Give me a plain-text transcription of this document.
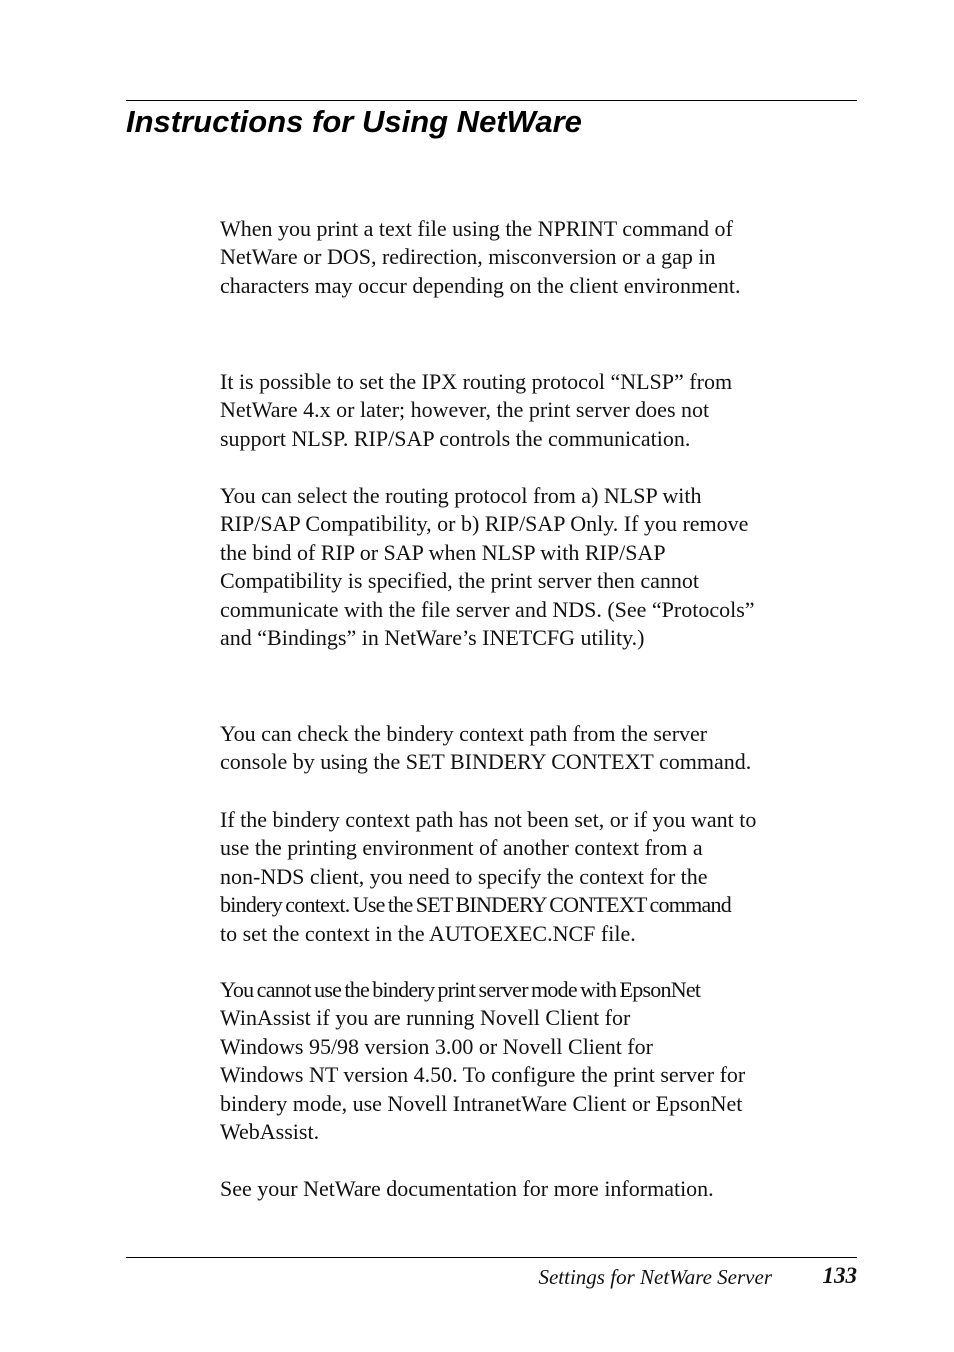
Instructions for Using NetWare
When you print a text file using the NPRINT command of
NetWare or DOS, redirection, misconversion or a gap in
characters may occur depending on the client environment.
It is possible to set the IPX routing protocol “NLSP” from
NetWare 4.x or later; however, the print server does not
support NLSP. RIP/SAP controls the communication.
You can select the routing protocol from a) NLSP with
RIP/SAP Compatibility, or b) RIP/SAP Only. If you remove
the bind of RIP or SAP when NLSP with RIP/SAP
Compatibility is specified, the print server then cannot
communicate with the file server and NDS. (See “Protocols”
and “Bindings” in NetWare’s INETCFG utility.)
You can check the bindery context path from the server
console by using the SET BINDERY CONTEXT command.
If the bindery context path has not been set, or if you want to
use the printing environment of another context from a
non-NDS client, you need to specify the context for the
bindery context. Use the SET BINDERY CONTEXT command
to set the context in the AUTOEXEC.NCF file.
You cannot use the bindery print server mode with EpsonNet
WinAssist if you are running Novell Client for
Windows 95/98 version 3.00 or Novell Client for
Windows NT version 4.50. To configure the print server for
bindery mode, use Novell IntranetWare Client or EpsonNet
WebAssist.
See your NetWare documentation for more information.
Settings for NetWare Server 133
